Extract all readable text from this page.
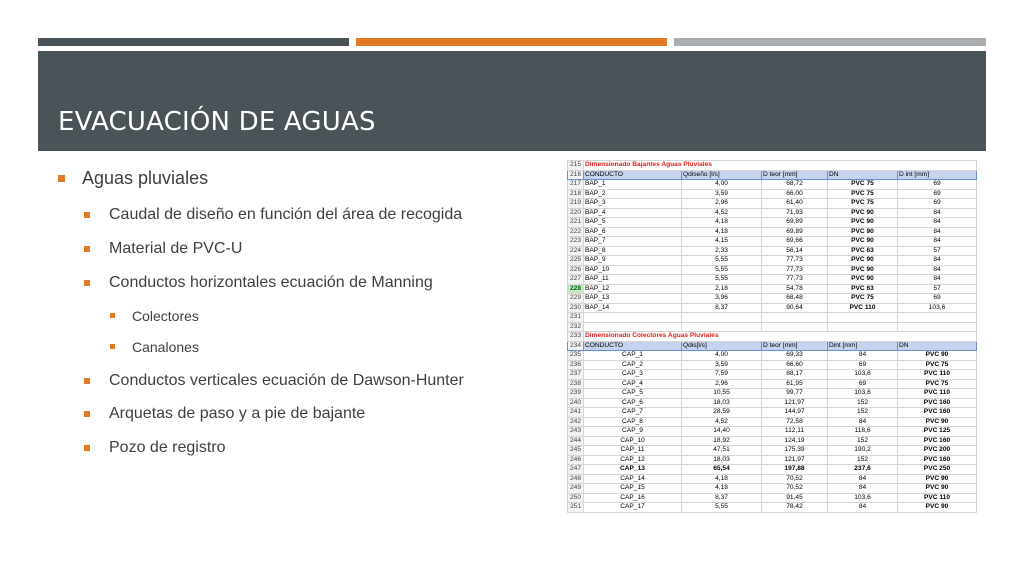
EVACUACIÓN DE AGUAS
Aguas pluviales
Caudal de diseño en función del área de recogida
Material de PVC-U
Conductos horizontales ecuación de Manning
Colectores
Canalones
Conductos verticales ecuación de Dawson-Hunter
Arquetas de paso y a pie de bajante
Pozo de registro
215	Dimensionado Bajantes Aguas Pluviales				
216	CONDUCTO	Qdiseño [l/s]	D teor [mm]	DN	D int [mm]
217	BAP_1	4,00	68,72	PVC 75	69
218	BAP_2	3,59	66,00	PVC 75	69
219	BAP_3	2,96	61,40	PVC 75	69
220	BAP_4	4,52	71,93	PVC 90	84
221	BAP_5	4,18	69,89	PVC 90	84
222	BAP_6	4,18	69,89	PVC 90	84
223	BAP_7	4,15	69,66	PVC 90	84
224	BAP_8	2,33	56,14	PVC 63	57
225	BAP_9	5,55	77,73	PVC 90	84
226	BAP_10	5,55	77,73	PVC 90	84
227	BAP_11	5,55	77,73	PVC 90	84
228	BAP_12	2,18	54,78	PVC 63	57
229	BAP_13	3,96	68,48	PVC 75	69
230	BAP_14	8,37	90,64	PVC 110	103,6
231					
232					
233	Dimensionado Colectores Aguas Pluviales				
234	CONDUCTO	Qdis[l/s]	D teor [mm]	Dint [mm]	DN
235	CAP_1	4,00	69,33	84	PVC 90
236	CAP_2	3,59	66,60	69	PVC 75
237	CAP_3	7,59	88,17	103,6	PVC 110
238	CAP_4	2,96	61,95	69	PVC 75
239	CAP_5	10,55	99,77	103,6	PVC 110
240	CAP_6	18,03	121,97	152	PVC 160
241	CAP_7	28,59	144,97	152	PVC 160
242	CAP_8	4,52	72,58	84	PVC 90
243	CAP_9	14,40	112,11	118,6	PVC 125
244	CAP_10	18,92	124,19	152	PVC 160
245	CAP_11	47,51	175,39	190,2	PVC 200
246	CAP_12	18,03	121,97	152	PVC 160
247	CAP_13	65,54	197,88	237,6	PVC 250
248	CAP_14	4,18	70,52	84	PVC 90
249	CAP_15	4,18	70,52	84	PVC 90
250	CAP_16	8,37	91,45	103,6	PVC 110
251	CAP_17	5,55	78,42	84	PVC 90
